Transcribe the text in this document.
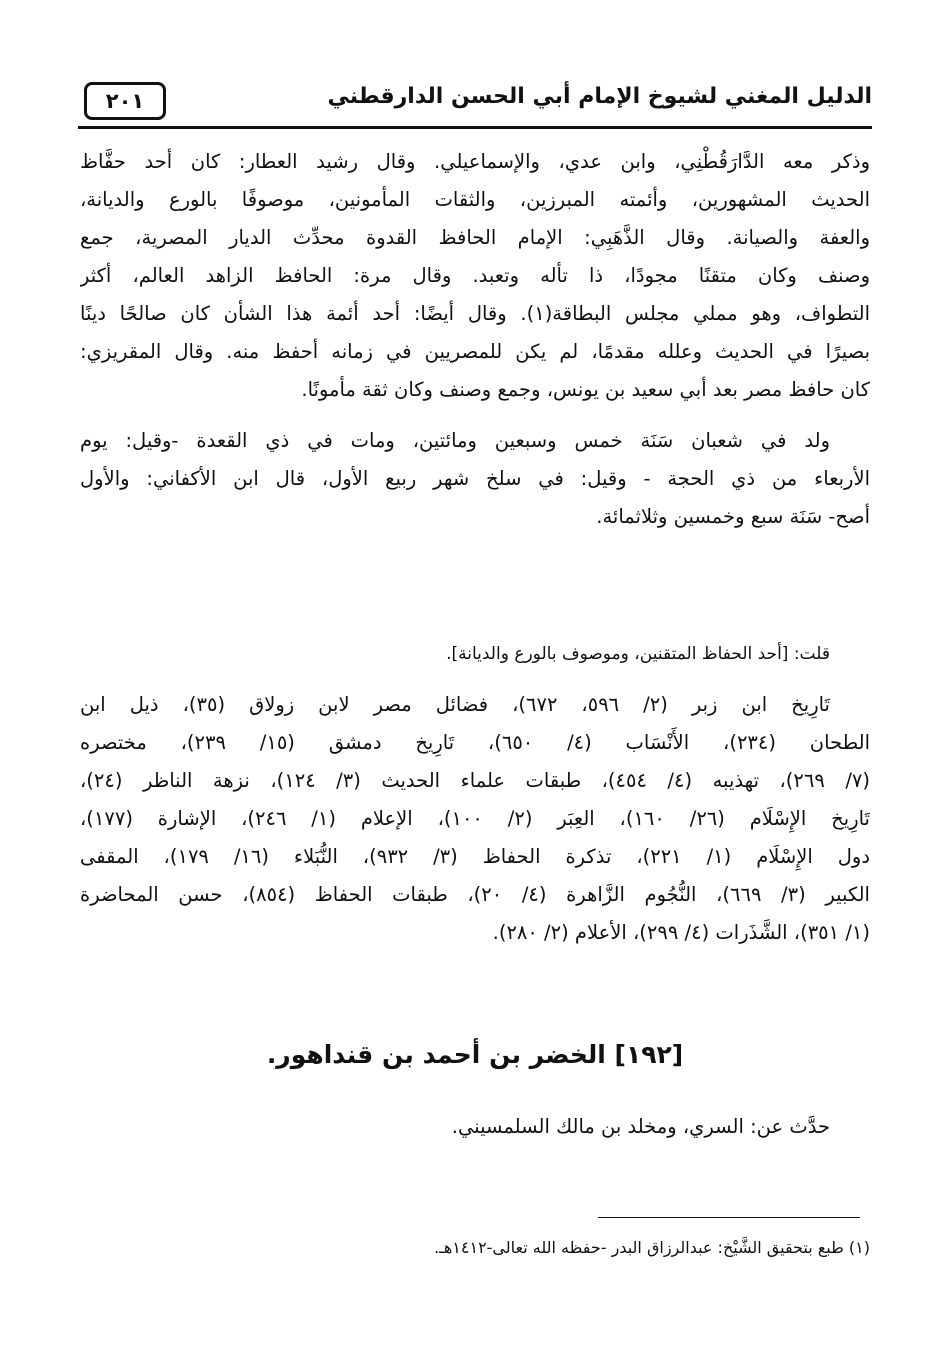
الدليل المغني لشيوخ الإمام أبي الحسن الدارقطني
٢٠١
وذكر معه الدَّارَقُطْنِي، وابن عدي، والإسماعيلي. وقال رشيد العطار: كان أحد حفَّاظ
الحديث المشهورين، وأئمته المبرزين، والثقات المأمونين، موصوفًا بالورع والديانة،
والعفة والصيانة. وقال الذَّهَبِي: الإمام الحافظ القدوة محدِّث الديار المصرية، جمع
وصنف وكان متقنًا مجودًا، ذا تأله وتعبد. وقال مرة: الحافظ الزاهد العالم، أكثر
التطواف، وهو مملي مجلس البطاقة(١). وقال أيضًا: أحد أئمة هذا الشأن كان صالحًا دينًا
بصيرًا في الحديث وعلله مقدمًا، لم يكن للمصريين في زمانه أحفظ منه. وقال المقريزي:
كان حافظ مصر بعد أبي سعيد بن يونس، وجمع وصنف وكان ثقة مأمونًا.
ولد في شعبان سَنَة خمس وسبعين ومائتين، ومات في ذي القعدة -وقيل: يوم
الأربعاء من ذي الحجة - وقيل: في سلخ شهر ربيع الأول، قال ابن الأكفاني: والأول
أصح- سَنَة سبع وخمسين وثلاثمائة.
قلت: [أحد الحفاظ المتقنين، وموصوف بالورع والديانة].
تَارِيخ ابن زبر (٢/ ٥٩٦، ٦٧٢)، فضائل مصر لابن زولاق (٣٥)، ذيل ابن
الطحان (٢٣٤)، الأَنْسَاب (٤/ ٦٥٠)، تَارِيخ دمشق (١٥/ ٢٣٩)، مختصره
(٧/ ٢٦٩)، تهذيبه (٤/ ٤٥٤)، طبقات علماء الحديث (٣/ ١٢٤)، نزهة الناظر (٢٤)،
تَارِيخ الإِسْلَام (٢٦/ ١٦٠)، العِبَر (٢/ ١٠٠)، الإعلام (١/ ٢٤٦)، الإشارة (١٧٧)،
دول الإِسْلَام (١/ ٢٢١)، تذكرة الحفاظ (٣/ ٩٣٢)، النُّبَلاء (١٦/ ١٧٩)، المقفى
الكبير (٣/ ٦٦٩)، النُّجُوم الزَّاهرة (٤/ ٢٠)، طبقات الحفاظ (٨٥٤)، حسن المحاضرة
(١/ ٣٥١)، الشَّذَرات (٤/ ٢٩٩)، الأعلام (٢/ ٢٨٠).
[١٩٢] الخضر بن أحمد بن قنداهور.
حدَّث عن: السري، ومخلد بن مالك السلمسيني.
(١) طبع بتحقيق الشَّيْخ: عبدالرزاق البدر -حفظه الله تعالى-١٤١٢هـ.
